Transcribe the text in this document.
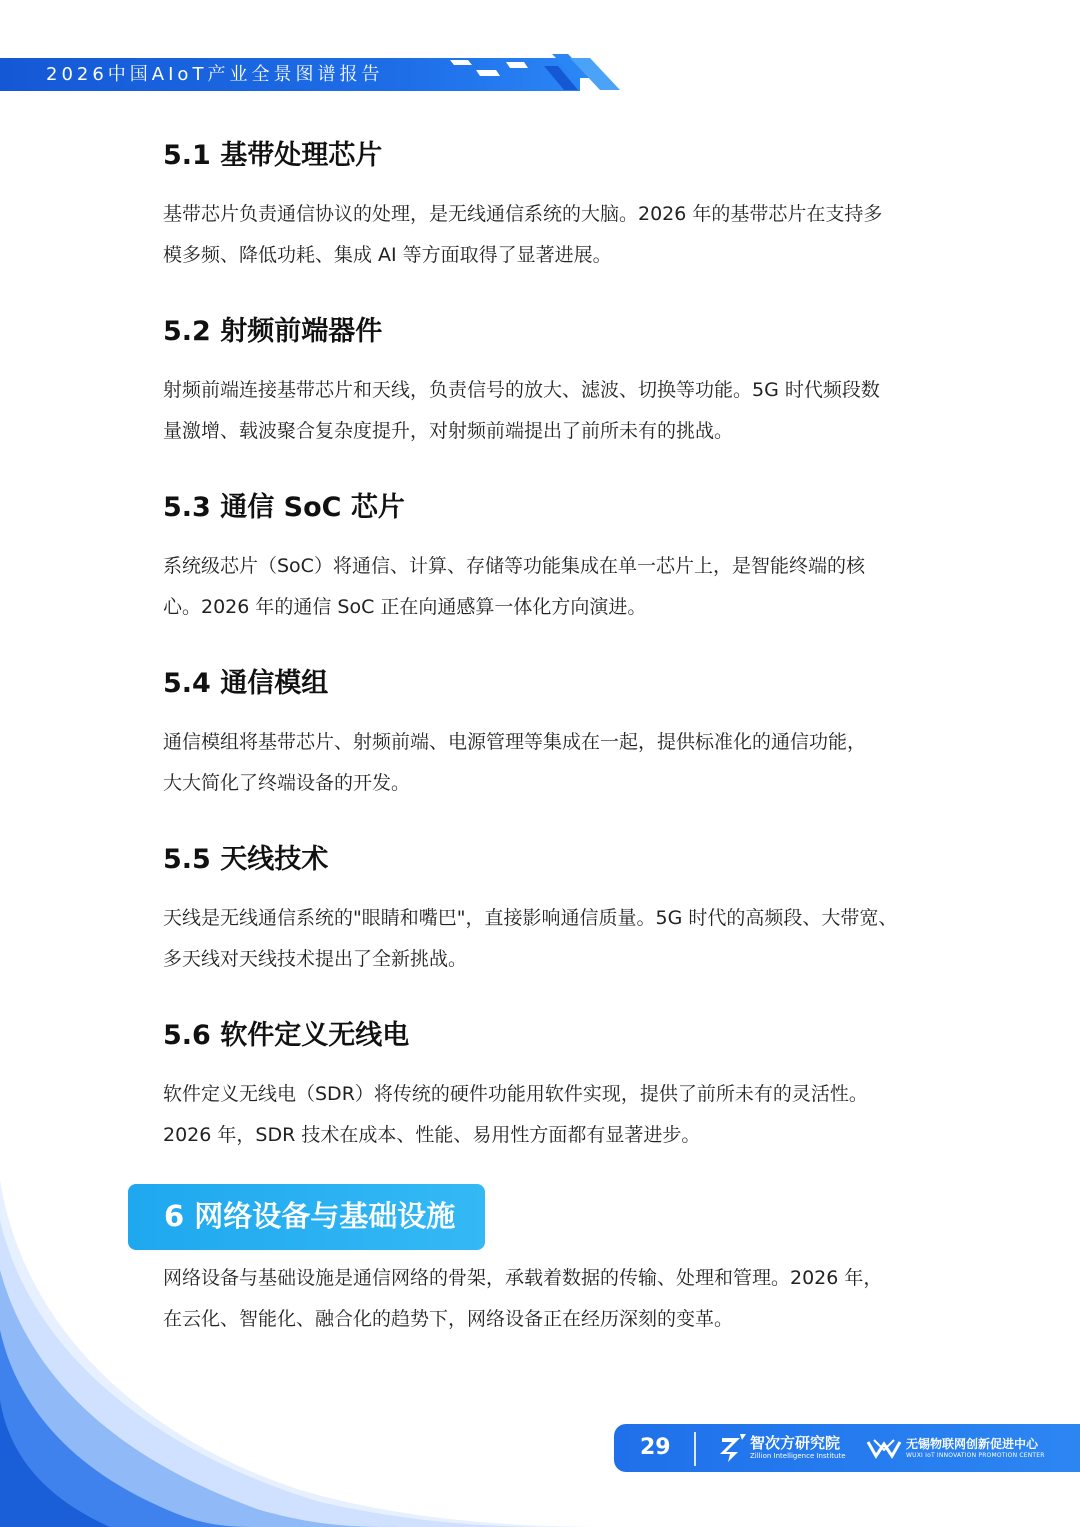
2026中国AIoT产业全景图谱报告
5.1 基带处理芯片

基带芯片负责通信协议的处理，是无线通信系统的大脑。2026 年的基带芯片在支持多
模多频、降低功耗、集成 AI 等方面取得了显著进展。

5.2 射频前端器件

射频前端连接基带芯片和天线，负责信号的放大、滤波、切换等功能。5G 时代频段数
量激增、载波聚合复杂度提升，对射频前端提出了前所未有的挑战。

5.3 通信 SoC 芯片

系统级芯片（SoC）将通信、计算、存储等功能集成在单一芯片上，是智能终端的核
心。2026 年的通信 SoC 正在向通感算一体化方向演进。

5.4 通信模组

通信模组将基带芯片、射频前端、电源管理等集成在一起，提供标准化的通信功能，
大大简化了终端设备的开发。

5.5 天线技术

天线是无线通信系统的"眼睛和嘴巴"，直接影响通信质量。5G 时代的高频段、大带宽、
多天线对天线技术提出了全新挑战。

5.6 软件定义无线电

软件定义无线电（SDR）将传统的硬件功能用软件实现，提供了前所未有的灵活性。
2026 年，SDR 技术在成本、性能、易用性方面都有显著进步。

6 网络设备与基础设施

网络设备与基础设施是通信网络的骨架，承载着数据的传输、处理和管理。2026 年，
在云化、智能化、融合化的趋势下，网络设备正在经历深刻的变革。

29	智次方研究院
Zillion Intelligence Institute
无锡物联网创新促进中心
WUXI IoT INNOVATION PROMOTION CENTER
